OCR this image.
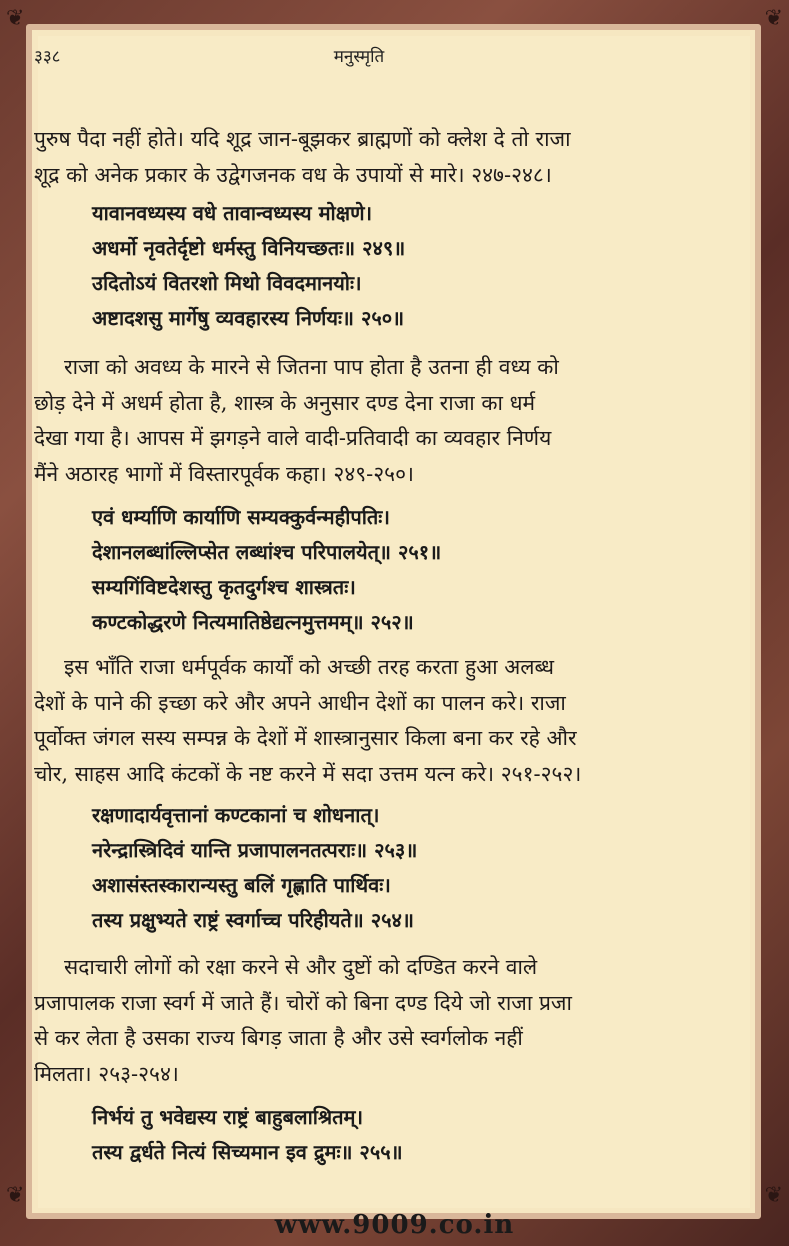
❦	❦
❦	❦
३३८	मनुस्मृति
पुरुष पैदा नहीं होते। यदि शूद्र जान-बूझकर ब्राह्मणों को क्लेश दे तो राजा
शूद्र को अनेक प्रकार के उद्वेगजनक वध के उपायों से मारे। २४७-२४८।
यावानवध्यस्य वधे तावान्वध्यस्य मोक्षणे।
अधर्मो नृवतेर्दृष्टो धर्मस्तु विनियच्छतः॥ २४९॥
उदितोऽयं वितरशो मिथो विवदमानयोः।
अष्टादशसु मार्गेषु व्यवहारस्य निर्णयः॥ २५०॥
राजा को अवध्य के मारने से जितना पाप होता है उतना ही वध्य को
छोड़ देने में अधर्म होता है, शास्त्र के अनुसार दण्ड देना राजा का धर्म
देखा गया है। आपस में झगड़ने वाले वादी-प्रतिवादी का व्यवहार निर्णय
मैंने अठारह भागों में विस्तारपूर्वक कहा। २४९-२५०।
एवं धर्म्याणि कार्याणि सम्यक्कुर्वन्महीपतिः।
देशानलब्धांल्लिप्सेत लब्धांश्च परिपालयेत्॥ २५१॥
सम्यगिंविष्टदेशस्तु कृतदुर्गश्च शास्त्रतः।
कण्टकोद्धरणे नित्यमातिष्ठेद्यत्नमुत्तमम्॥ २५२॥
इस भाँति राजा धर्मपूर्वक कार्यों को अच्छी तरह करता हुआ अलब्ध
देशों के पाने की इच्छा करे और अपने आधीन देशों का पालन करे। राजा
पूर्वोक्त जंगल सस्य सम्पन्न के देशों में शास्त्रानुसार किला बना कर रहे और
चोर, साहस आदि कंटकों के नष्ट करने में सदा उत्तम यत्न करे। २५१-२५२।
रक्षणादार्यवृत्तानां कण्टकानां च शोधनात्।
नरेन्द्रास्त्रिदिवं यान्ति प्रजापालनतत्पराः॥ २५३॥
अशासंस्तस्कारान्यस्तु बलिं गृह्णाति पार्थिवः।
तस्य प्रक्षुभ्यते राष्ट्रं स्वर्गाच्च परिहीयते॥ २५४॥
सदाचारी लोगों को रक्षा करने से और दुष्टों को दण्डित करने वाले
प्रजापालक राजा स्वर्ग में जाते हैं। चोरों को बिना दण्ड दिये जो राजा प्रजा
से कर लेता है उसका राज्य बिगड़ जाता है और उसे स्वर्गलोक नहीं
मिलता। २५३-२५४।
निर्भयं तु भवेद्यस्य राष्ट्रं बाहुबलाश्रितम्।
तस्य द्वर्धते नित्यं सिच्यमान इव द्रुमः॥ २५५॥
www.9009.co.in
